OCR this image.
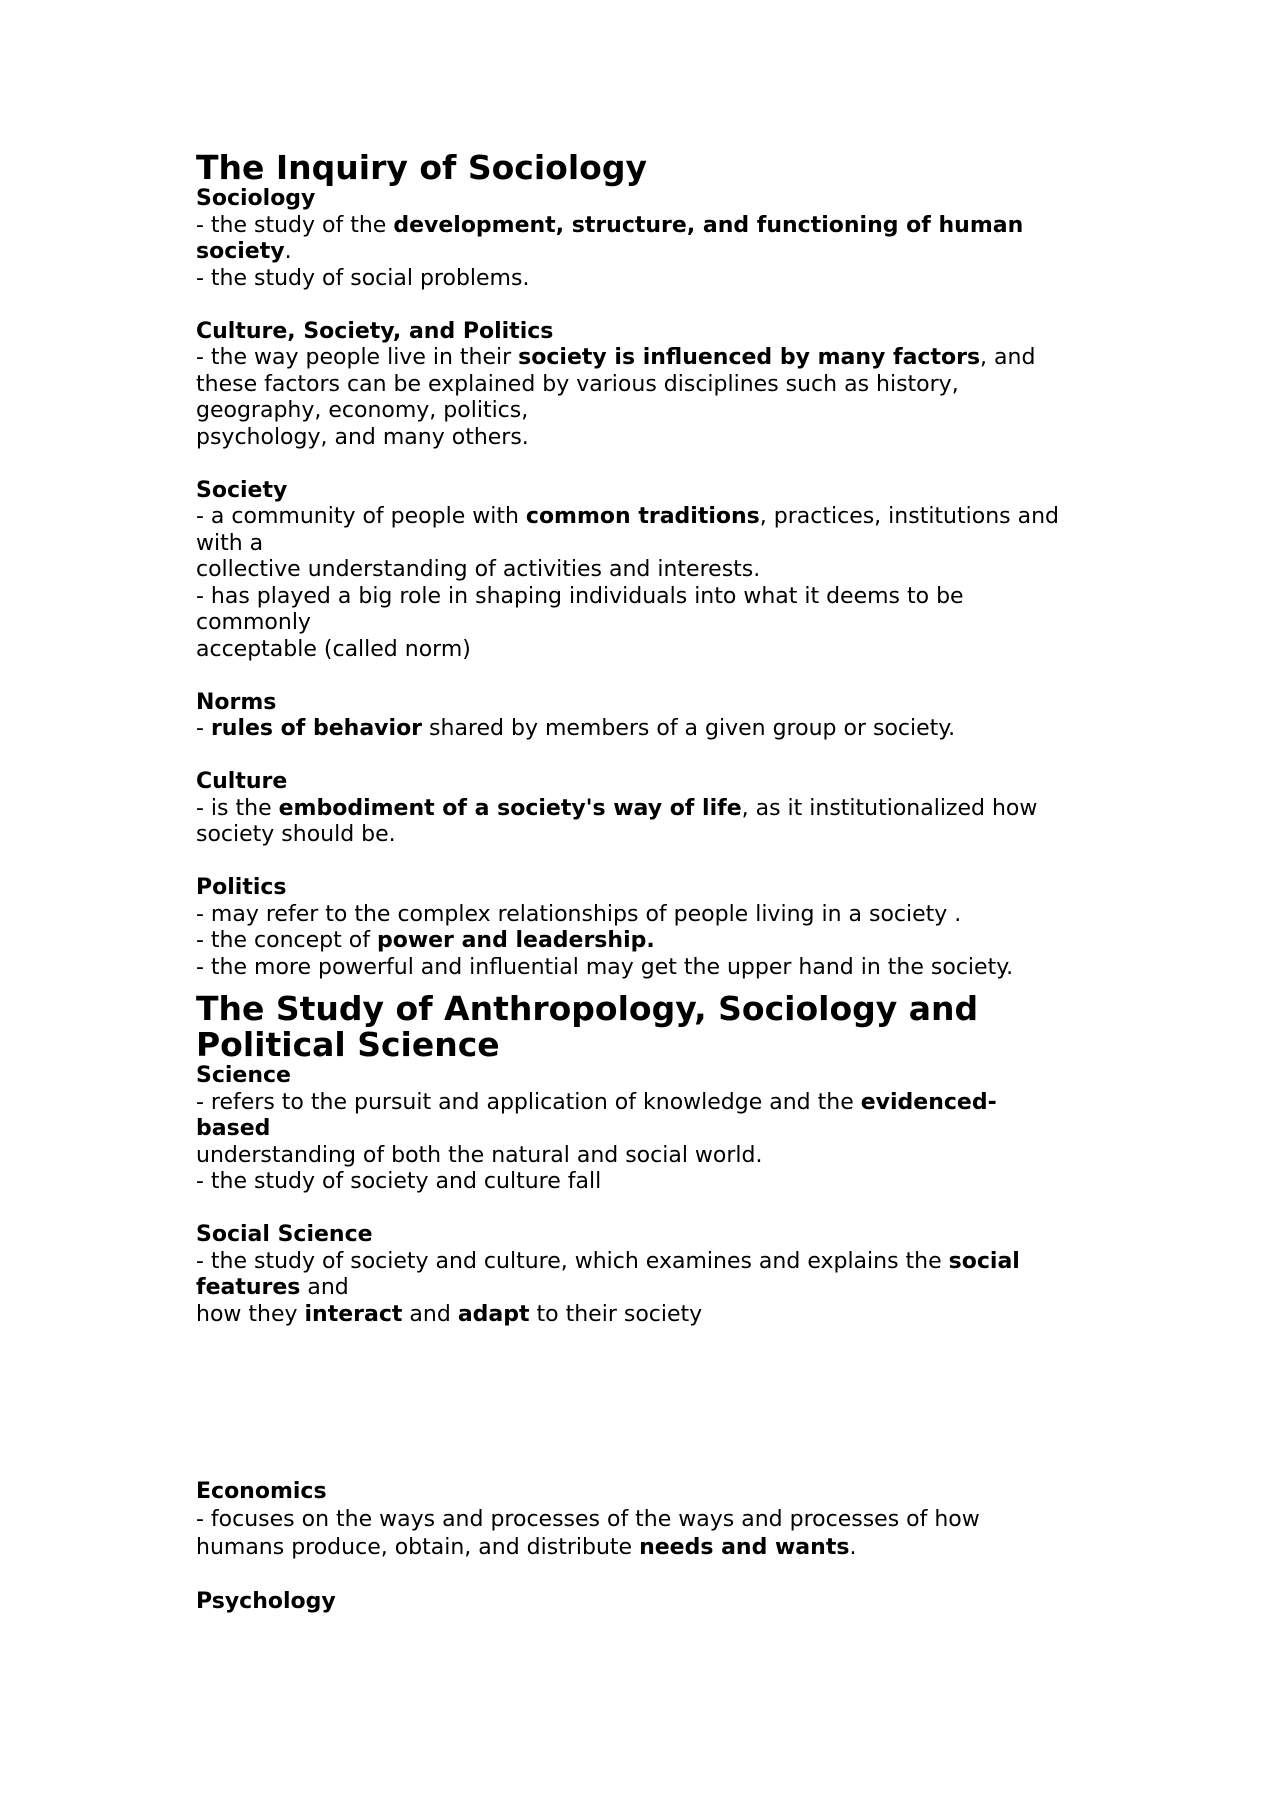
The Inquiry of Sociology
Sociology
- the study of the development, structure, and functioning of human
society.
- the study of social problems.
Culture, Society, and Politics
- the way people live in their society is influenced by many factors, and
these factors can be explained by various disciplines such as history,
geography, economy, politics,
psychology, and many others.
Society
- a community of people with common traditions, practices, institutions and
with a
collective understanding of activities and interests.
- has played a big role in shaping individuals into what it deems to be
commonly
acceptable (called norm)
Norms
- rules of behavior shared by members of a given group or society.
Culture
- is the embodiment of a society's way of life, as it institutionalized how
society should be.
Politics
- may refer to the complex relationships of people living in a society .
- the concept of power and leadership.
- the more powerful and influential may get the upper hand in the society.
The Study of Anthropology, Sociology and
Political Science
Science
- refers to the pursuit and application of knowledge and the evidenced-
based
understanding of both the natural and social world.
- the study of society and culture fall
Social Science
- the study of society and culture, which examines and explains the social
features and
how they interact and adapt to their society
Economics
- focuses on the ways and processes of the ways and processes of how
humans produce, obtain, and distribute needs and wants.
Psychology
